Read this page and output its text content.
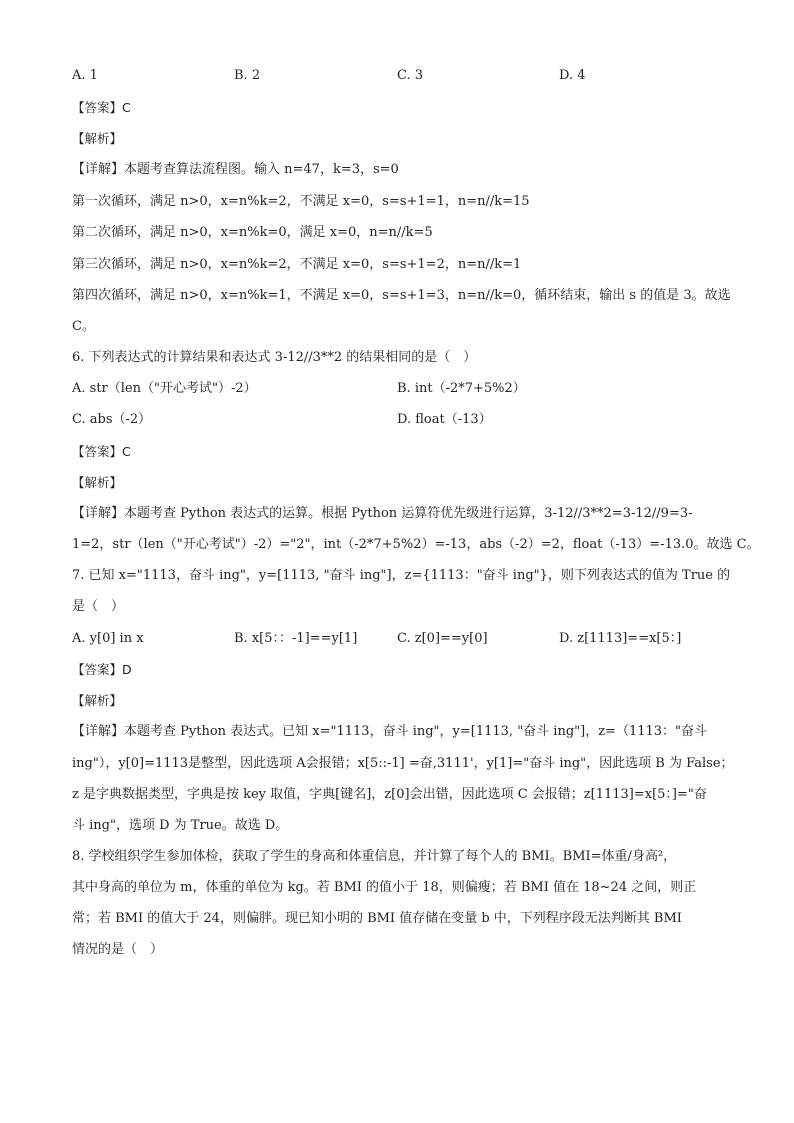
A. 1	B. 2	C. 3	D. 4
【答案】C
【解析】
【详解】本题考查算法流程图。输入 n=47，k=3，s=0
第一次循环，满足 n>0，x=n%k=2，不满足 x=0，s=s+1=1，n=n//k=15
第二次循环，满足 n>0，x=n%k=0，满足 x=0，n=n//k=5
第三次循环，满足 n>0，x=n%k=2，不满足 x=0，s=s+1=2，n=n//k=1
第四次循环，满足 n>0，x=n%k=1，不满足 x=0，s=s+1=3，n=n//k=0，循环结束，输出 s 的值是 3。故选
C。
6. 下列表达式的计算结果和表达式 3-12//3**2 的结果相同的是（　）
A. str（len（"开心考试"）-2）	B. int（-2*7+5%2）
C. abs（-2）	D. float（-13）
【答案】C
【解析】
【详解】本题考查 Python 表达式的运算。根据 Python 运算符优先级进行运算，3-12//3**2=3-12//9=3-
1=2，str（len（"开心考试"）-2）="2"，int（-2*7+5%2）=-13，abs（-2）=2，float（-13）=-13.0。故选 C。
7. 已知 x="1113，奋斗 ing"，y=[1113, "奋斗 ing"]，z={1113："奋斗 ing"}，则下列表达式的值为 True 的
是（　）
A. y[0] in x	B. x[5：：-1]==y[1]	C. z[0]==y[0]	D. z[1113]==x[5：]
【答案】D
【解析】
【详解】本题考查 Python 表达式。已知 x="1113，奋斗 ing"，y=[1113, "奋斗 ing"]，z=（1113："奋斗
ing"），y[0]=1113是整型，因此选项 A会报错；x[5::-1] =奋,3111'，y[1]="奋斗 ing"，因此选项 B 为 False；
z 是字典数据类型，字典是按 key 取值，字典[键名]，z[0]会出错，因此选项 C 会报错；z[1113]=x[5：]="奋
斗 ing"，选项 D 为 True。故选 D。
8. 学校组织学生参加体检，获取了学生的身高和体重信息，并计算了每个人的 BMI。BMI=体重/身高²，
其中身高的单位为 m，体重的单位为 kg。若 BMI 的值小于 18，则偏瘦；若 BMI 值在 18~24 之间，则正
常；若 BMI 的值大于 24，则偏胖。现已知小明的 BMI 值存储在变量 b 中，下列程序段无法判断其 BMI
情况的是（　）
